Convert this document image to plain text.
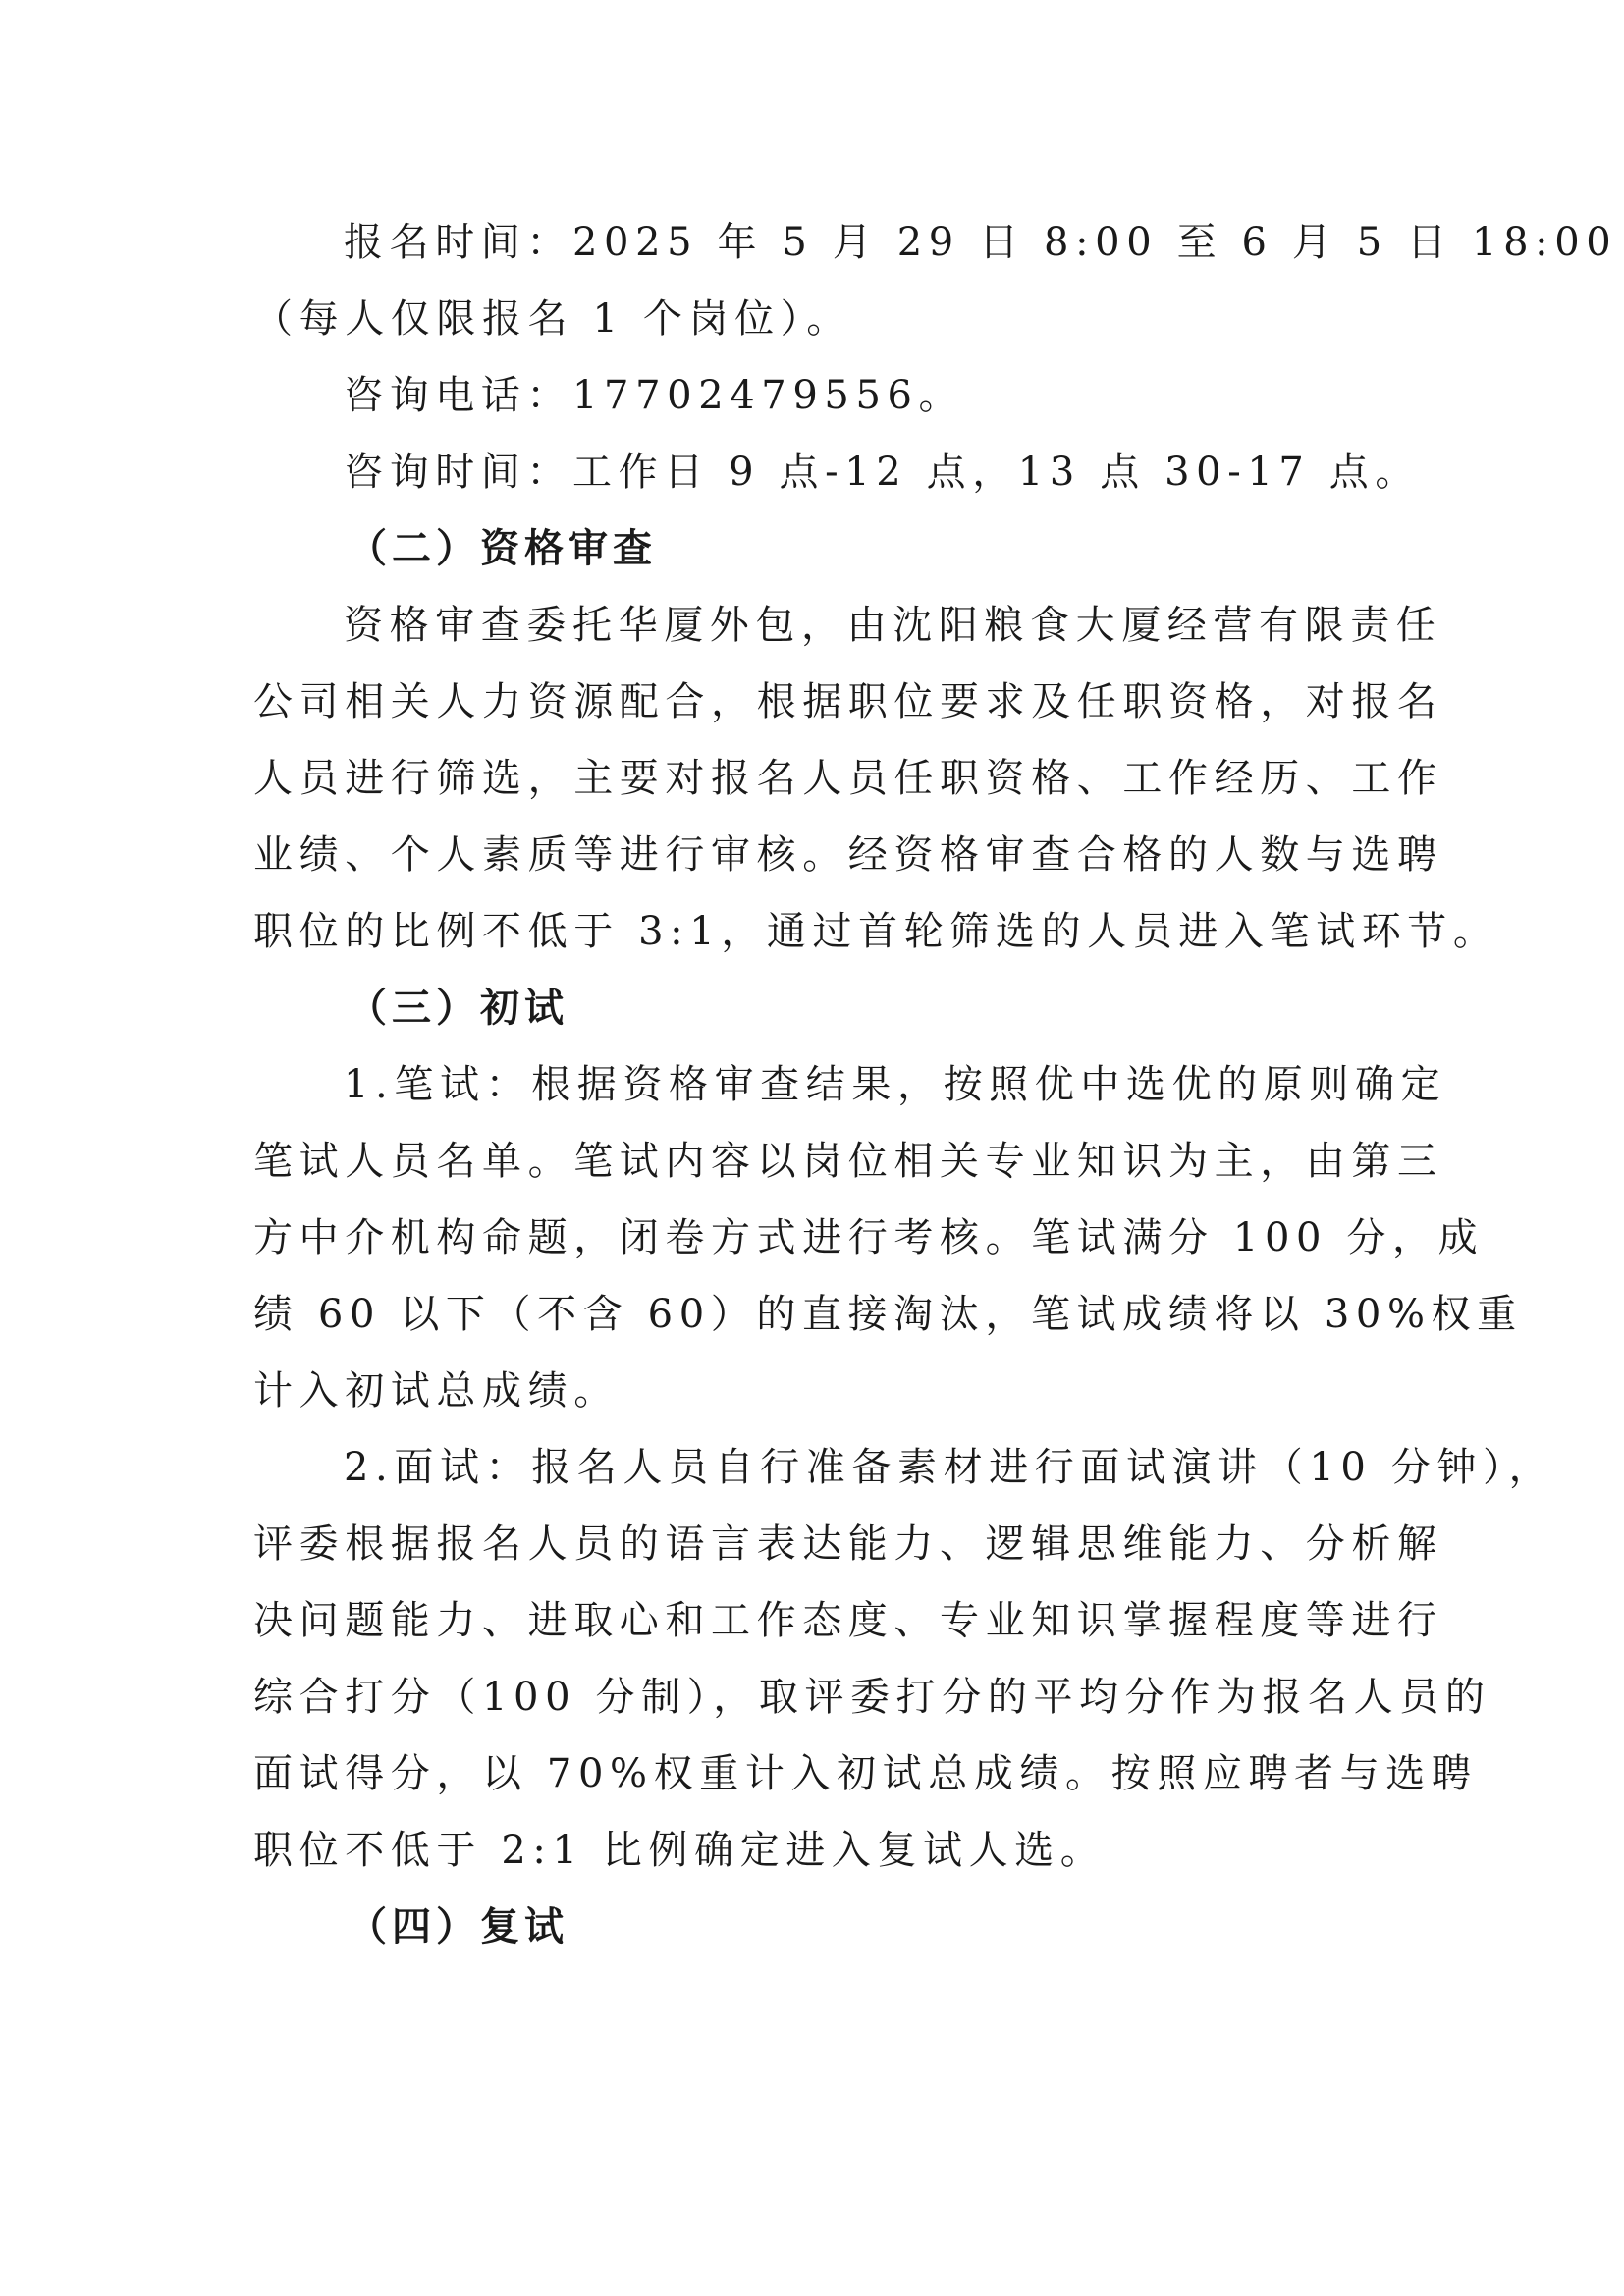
报名时间：2025 年 5 月 29 日 8:00 至 6 月 5 日 18:00
（每人仅限报名 1 个岗位）。
咨询电话：17702479556。
咨询时间：工作日 9 点-12 点，13 点 30-17 点。
（二）资格审查
资格审查委托华厦外包，由沈阳粮食大厦经营有限责任
公司相关人力资源配合，根据职位要求及任职资格，对报名
人员进行筛选，主要对报名人员任职资格、工作经历、工作
业绩、个人素质等进行审核。经资格审查合格的人数与选聘
职位的比例不低于 3:1，通过首轮筛选的人员进入笔试环节。
（三）初试
1.笔试：根据资格审查结果，按照优中选优的原则确定
笔试人员名单。笔试内容以岗位相关专业知识为主，由第三
方中介机构命题，闭卷方式进行考核。笔试满分 100 分，成
绩 60 以下（不含 60）的直接淘汰，笔试成绩将以 30%权重
计入初试总成绩。
2.面试：报名人员自行准备素材进行面试演讲（10 分钟），
评委根据报名人员的语言表达能力、逻辑思维能力、分析解
决问题能力、进取心和工作态度、专业知识掌握程度等进行
综合打分（100 分制），取评委打分的平均分作为报名人员的
面试得分，以 70%权重计入初试总成绩。按照应聘者与选聘
职位不低于 2:1 比例确定进入复试人选。
（四）复试
